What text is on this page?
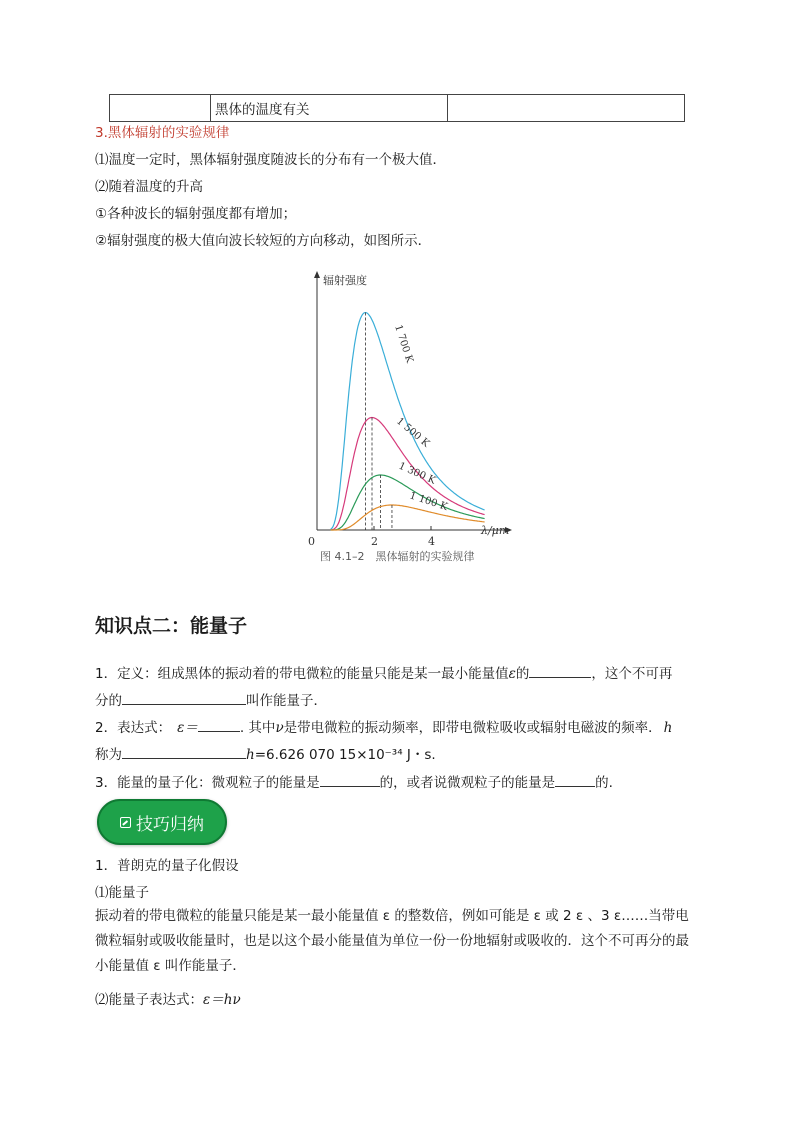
	黑体的温度有关	
3.黑体辐射的实验规律
⑴温度一定时，黑体辐射强度随波长的分布有一个极大值．
⑵随着温度的升高
①各种波长的辐射强度都有增加；
②辐射强度的极大值向波长较短的方向移动，如图所示．
辐射强度
λ/μm
0	2	4
1 700 K
1 500 K
1 300 K
1 100 K
图 4.1–2　黑体辐射的实验规律
知识点二：能量子
1．定义：组成黑体的振动着的带电微粒的能量只能是某一最小能量值ε的	，这个不可再
分的	叫作能量子．
2．表达式： ε＝	. 其中ν是带电微粒的振动频率，即带电微粒吸收或辐射电磁波的频率． h
称为	h=6.626 070 15×10⁻³⁴ J・s.
3．能量的量子化：微观粒子的能量是	的，或者说微观粒子的能量是	的.
技巧归纳
1．普朗克的量子化假设
⑴能量子
振动着的带电微粒的能量只能是某一最小能量值 ε 的整数倍，例如可能是 ε 或 2 ε 、3 ε……当带电微粒辐射或吸收能量时，也是以这个最小能量值为单位一份一份地辐射或吸收的．这个不可再分的最小能量值 ε 叫作能量子．
⑵能量子表达式：ε＝hν
